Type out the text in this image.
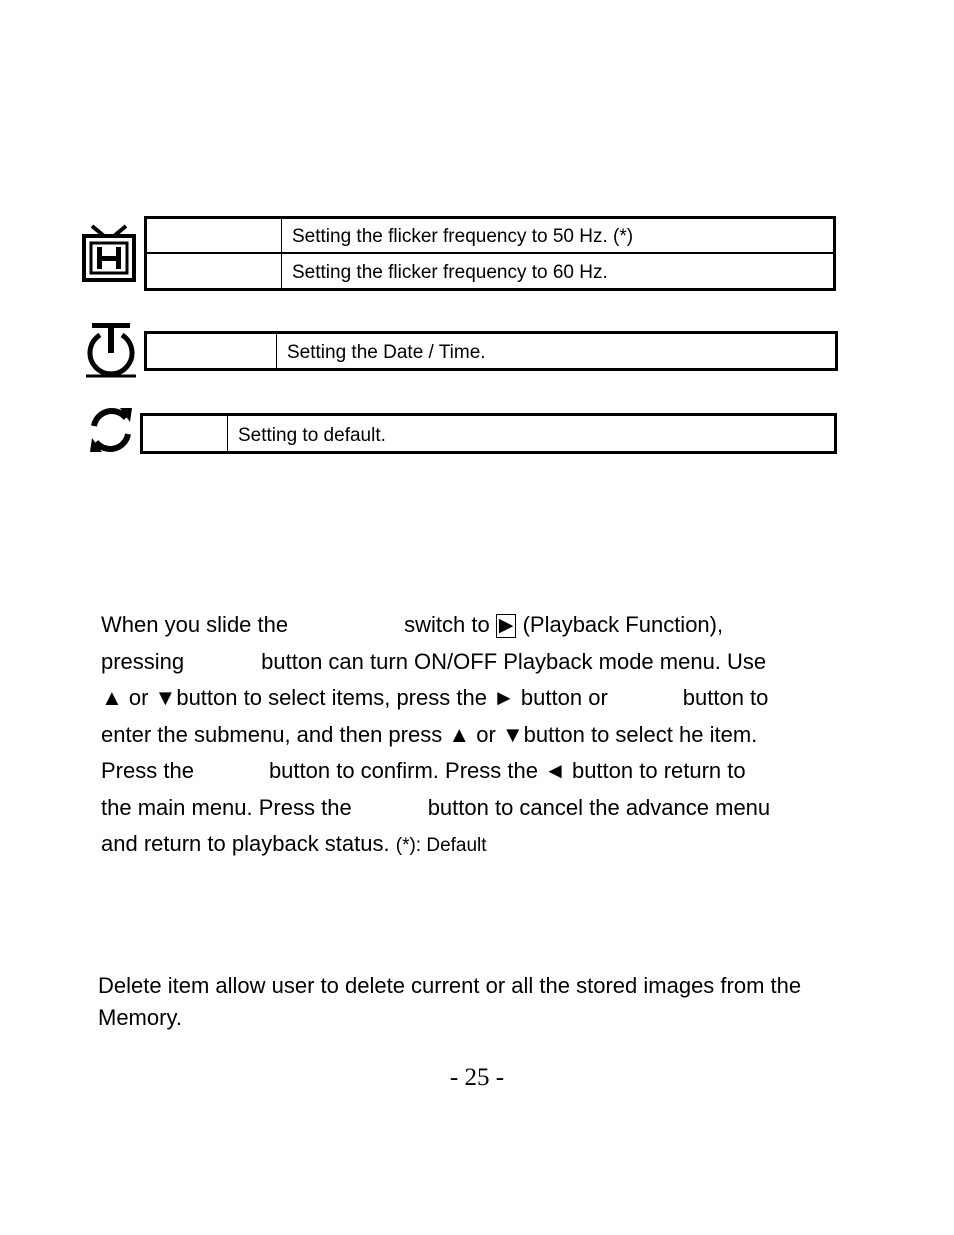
Setting the flicker frequency to 50 Hz. (*)
Setting the flicker frequency to 60 Hz.
Setting the Date / Time.
Setting to default.
When you slide the	switch to ▶ (Playback Function),
pressing	button can turn ON/OFF Playback mode menu. Use
▲ or ▼button to select items, press the ► button or	button to
enter the submenu, and then press ▲ or ▼button to select he item.
Press the	button to confirm. Press the ◄ button to return to
the main menu. Press the	button to cancel the advance menu
and return to playback status. (*): Default
Delete item allow user to delete current or all the stored images from the
Memory.
- 25 -
